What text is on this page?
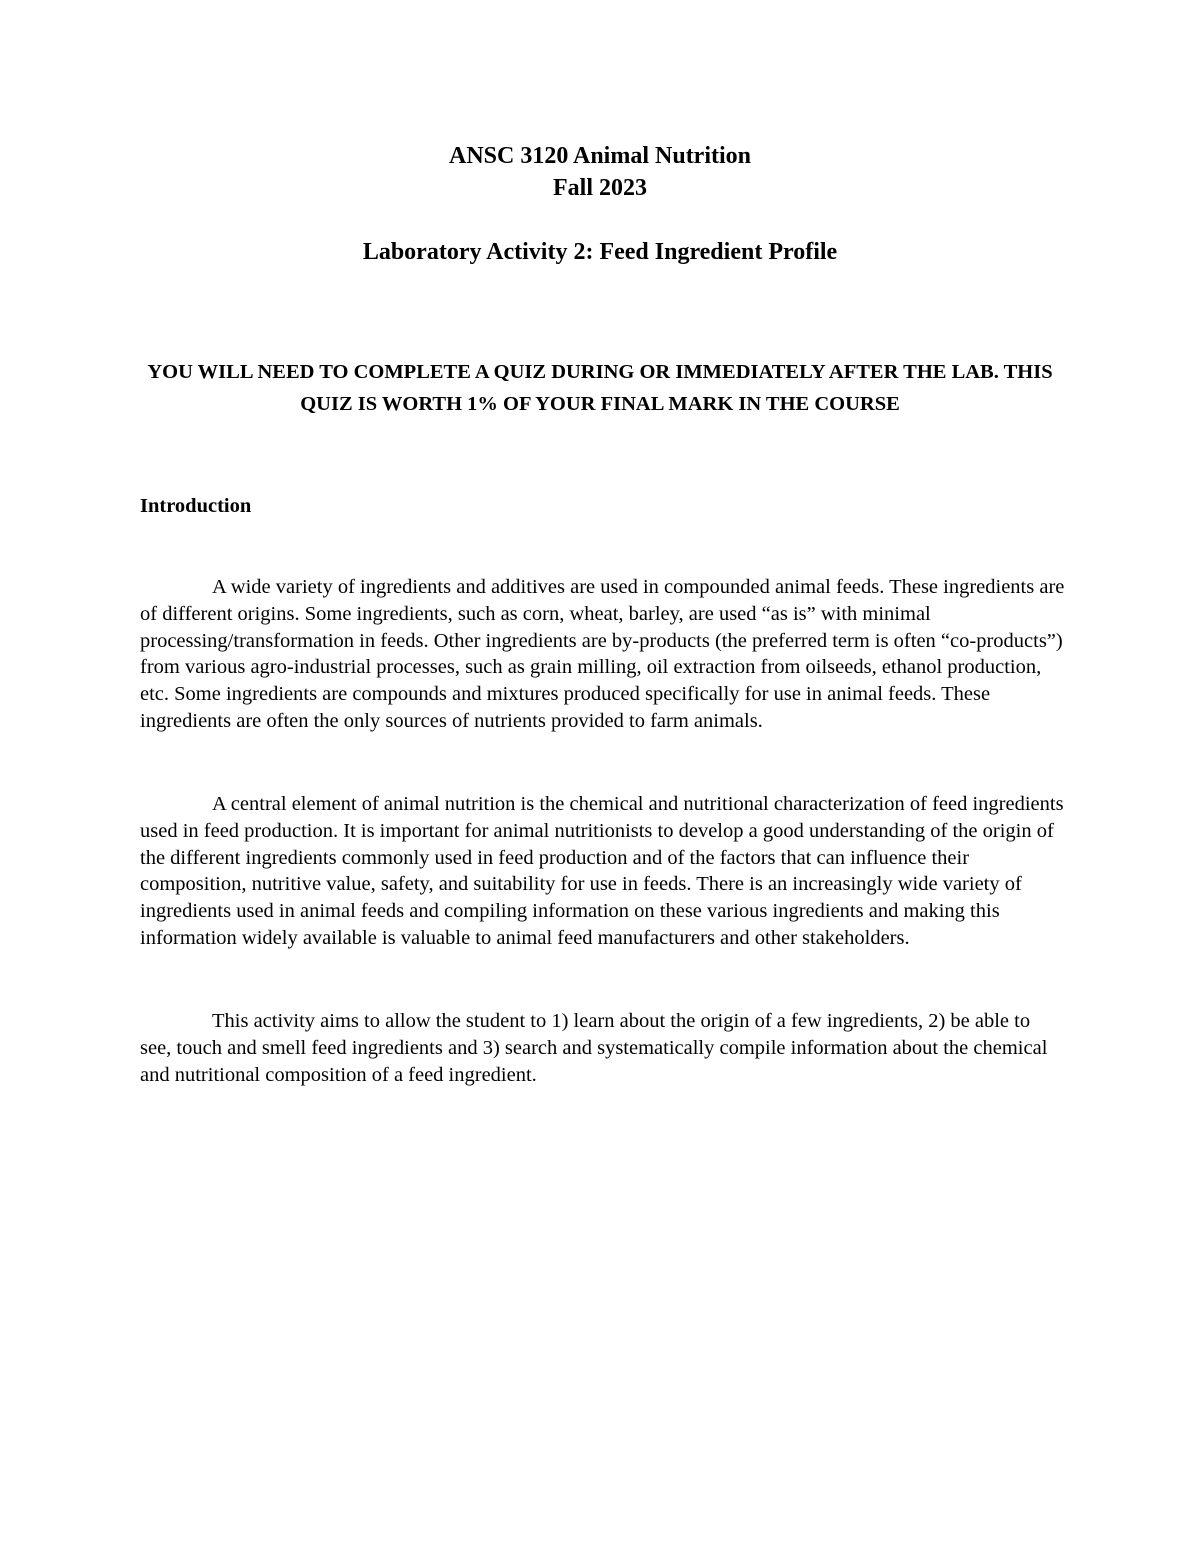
ANSC 3120 Animal Nutrition
Fall 2023
Laboratory Activity 2: Feed Ingredient Profile

YOU WILL NEED TO COMPLETE A QUIZ DURING OR IMMEDIATELY AFTER THE LAB. THIS QUIZ IS WORTH 1% OF YOUR FINAL MARK IN THE COURSE

Introduction

A wide variety of ingredients and additives are used in compounded animal feeds. These ingredients are of different origins. Some ingredients, such as corn, wheat, barley, are used “as is” with minimal processing/transformation in feeds. Other ingredients are by-products (the preferred term is often “co-products”) from various agro-industrial processes, such as grain milling, oil extraction from oilseeds, ethanol production, etc. Some ingredients are compounds and mixtures produced specifically for use in animal feeds. These ingredients are often the only sources of nutrients provided to farm animals.

A central element of animal nutrition is the chemical and nutritional characterization of feed ingredients used in feed production. It is important for animal nutritionists to develop a good understanding of the origin of the different ingredients commonly used in feed production and of the factors that can influence their composition, nutritive value, safety, and suitability for use in feeds. There is an increasingly wide variety of ingredients used in animal feeds and compiling information on these various ingredients and making this information widely available is valuable to animal feed manufacturers and other stakeholders.

This activity aims to allow the student to 1) learn about the origin of a few ingredients, 2) be able to see, touch and smell feed ingredients and 3) search and systematically compile information about the chemical and nutritional composition of a feed ingredient.
